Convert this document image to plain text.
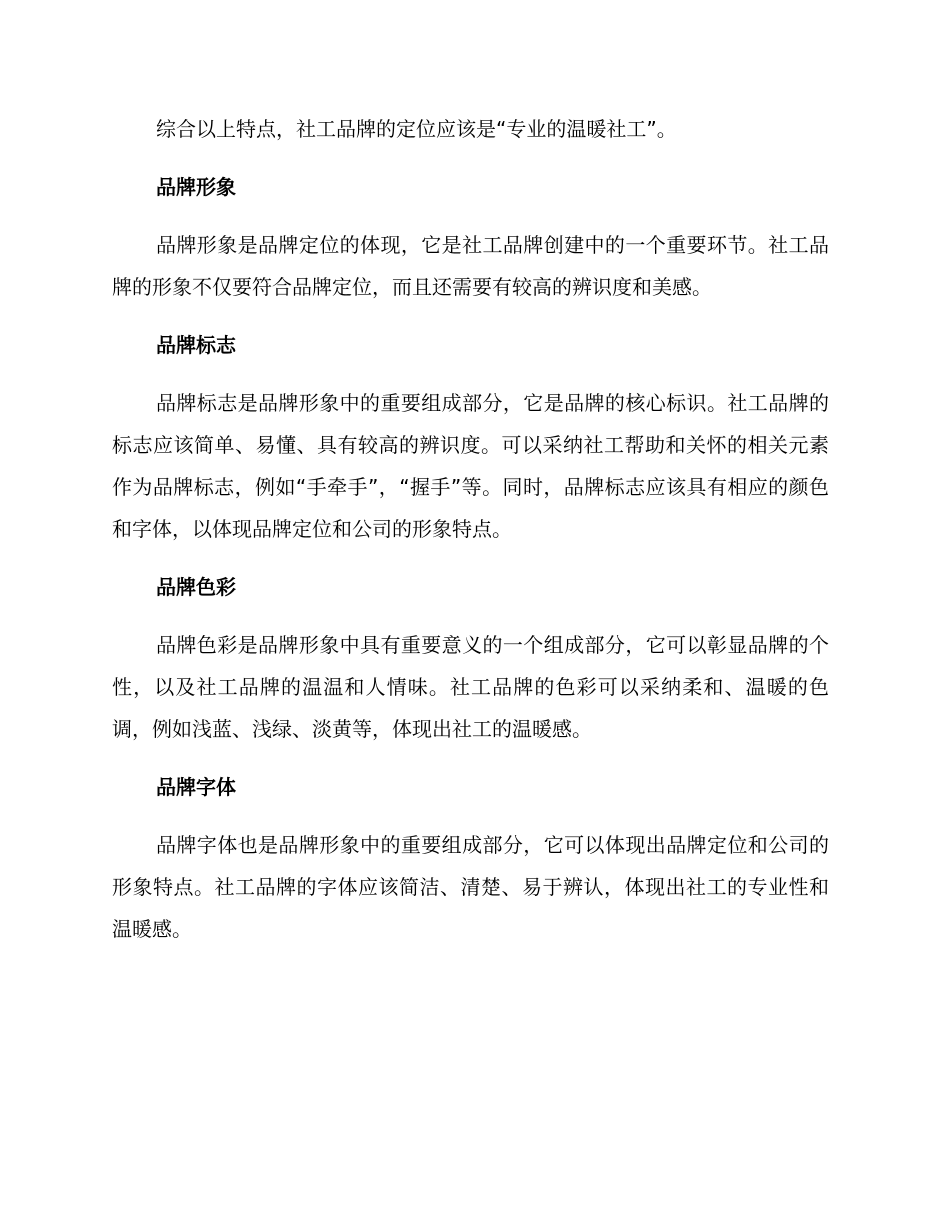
综合以上特点，社工品牌的定位应该是“专业的温暖社工”。

品牌形象

品牌形象是品牌定位的体现，它是社工品牌创建中的一个重要环节。社工品牌的形象不仅要符合品牌定位，而且还需要有较高的辨识度和美感。

品牌标志

品牌标志是品牌形象中的重要组成部分，它是品牌的核心标识。社工品牌的标志应该简单、易懂、具有较高的辨识度。可以采纳社工帮助和关怀的相关元素作为品牌标志，例如“手牵手”，“握手”等。同时，品牌标志应该具有相应的颜色和字体，以体现品牌定位和公司的形象特点。

品牌色彩

品牌色彩是品牌形象中具有重要意义的一个组成部分，它可以彰显品牌的个性，以及社工品牌的温温和人情味。社工品牌的色彩可以采纳柔和、温暖的色调，例如浅蓝、浅绿、淡黄等，体现出社工的温暖感。

品牌字体

品牌字体也是品牌形象中的重要组成部分，它可以体现出品牌定位和公司的形象特点。社工品牌的字体应该简洁、清楚、易于辨认，体现出社工的专业性和温暖感。
